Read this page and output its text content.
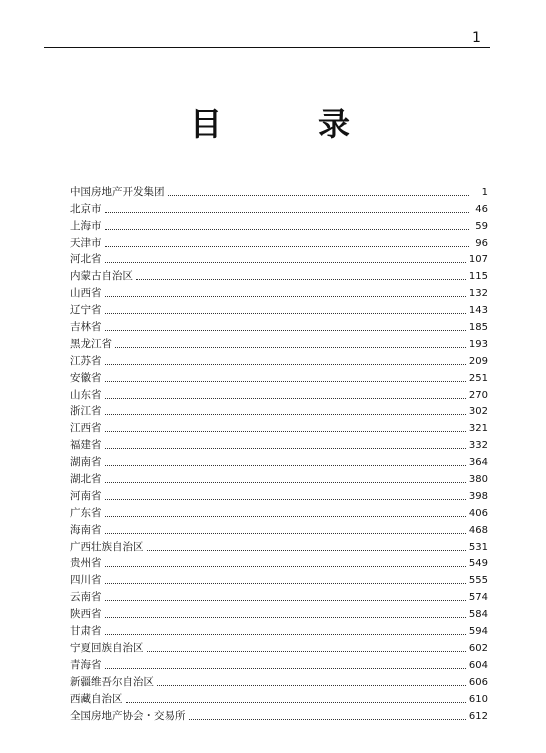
1
目	录
中国房地产开发集团	1
北京市	46
上海市	59
天津市	96
河北省	107
内蒙古自治区	115
山西省	132
辽宁省	143
吉林省	185
黑龙江省	193
江苏省	209
安徽省	251
山东省	270
浙江省	302
江西省	321
福建省	332
湖南省	364
湖北省	380
河南省	398
广东省	406
海南省	468
广西壮族自治区	531
贵州省	549
四川省	555
云南省	574
陕西省	584
甘肃省	594
宁夏回族自治区	602
青海省	604
新疆维吾尔自治区	606
西藏自治区	610
全国房地产协会・交易所	612
